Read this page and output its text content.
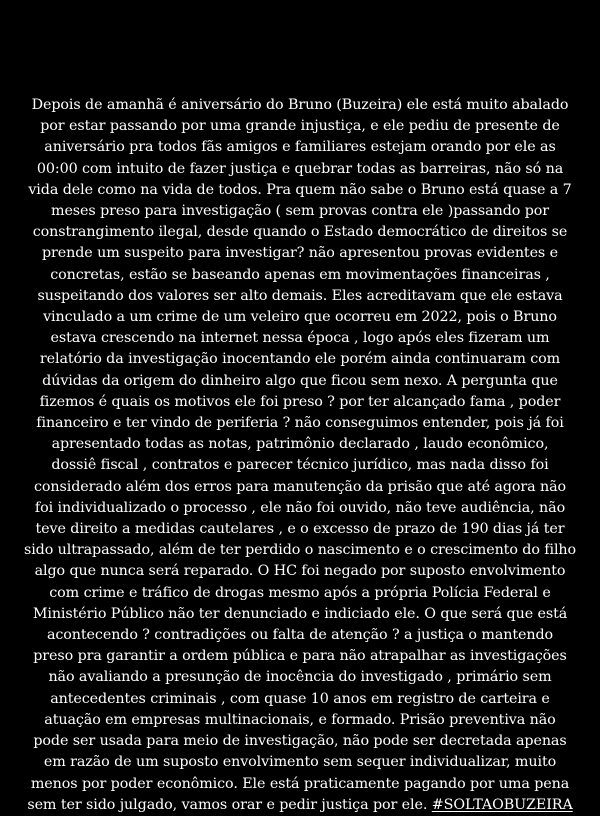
Depois de amanhã é aniversário do Bruno (Buzeira) ele está muito abalado
por estar passando por uma grande injustiça, e ele pediu de presente de
aniversário pra todos fãs amigos e familiares estejam orando por ele as
00:00 com intuito de fazer justiça e quebrar todas as barreiras, não só na
vida dele como na vida de todos. Pra quem não sabe o Bruno está quase a 7
meses preso para investigação ( sem provas contra ele )passando por
constrangimento ilegal, desde quando o Estado democrático de direitos se
prende um suspeito para investigar? não apresentou provas evidentes e
concretas, estão se baseando apenas em movimentações financeiras ,
suspeitando dos valores ser alto demais. Eles acreditavam que ele estava
vinculado a um crime de um veleiro que ocorreu em 2022, pois o Bruno
estava crescendo na internet nessa época , logo após eles fizeram um
relatório da investigação inocentando ele porém ainda continuaram com
dúvidas da origem do dinheiro algo que ficou sem nexo. A pergunta que
fizemos é quais os motivos ele foi preso ? por ter alcançado fama , poder
financeiro e ter vindo de periferia ? não conseguimos entender, pois já foi
apresentado todas as notas, patrimônio declarado , laudo econômico,
dossiê fiscal , contratos e parecer técnico jurídico, mas nada disso foi
considerado além dos erros para manutenção da prisão que até agora não
foi individualizado o processo , ele não foi ouvido, não teve audiência, não
teve direito a medidas cautelares , e o excesso de prazo de 190 dias já ter
sido ultrapassado, além de ter perdido o nascimento e o crescimento do filho
algo que nunca será reparado. O HC foi negado por suposto envolvimento
com crime e tráfico de drogas mesmo após a própria Polícia Federal e
Ministério Público não ter denunciado e indiciado ele. O que será que está
acontecendo ? contradições ou falta de atenção ? a justiça o mantendo
preso pra garantir a ordem pública e para não atrapalhar as investigações
não avaliando a presunção de inocência do investigado , primário sem
antecedentes criminais , com quase 10 anos em registro de carteira e
atuação em empresas multinacionais, e formado. Prisão preventiva não
pode ser usada para meio de investigação, não pode ser decretada apenas
em razão de um suposto envolvimento sem sequer individualizar, muito
menos por poder econômico. Ele está praticamente pagando por uma pena
sem ter sido julgado, vamos orar e pedir justiça por ele. #SOLTAOBUZEIRA
